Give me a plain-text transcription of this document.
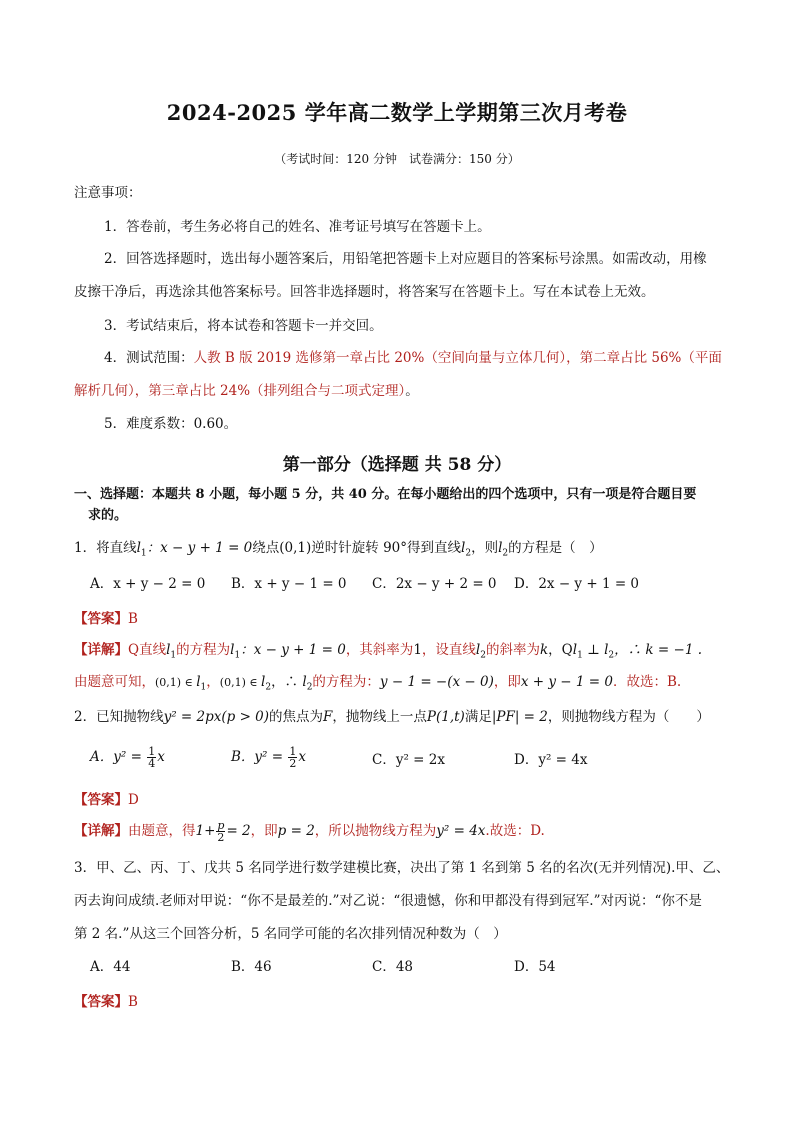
2024-2025 学年高二数学上学期第三次月考卷
（考试时间：120 分钟　试卷满分：150 分）
注意事项：
1．答卷前，考生务必将自己的姓名、准考证号填写在答题卡上。
2．回答选择题时，选出每小题答案后，用铅笔把答题卡上对应题目的答案标号涂黑。如需改动，用橡
皮擦干净后，再选涂其他答案标号。回答非选择题时，将答案写在答题卡上。写在本试卷上无效。
3．考试结束后，将本试卷和答题卡一并交回。
4．测试范围：人教 B 版 2019 选修第一章占比 20%（空间向量与立体几何），第二章占比 56%（平面
解析几何），第三章占比 24%（排列组合与二项式定理）。
5．难度系数：0.60。
第一部分（选择题 共 58 分）
一、选择题：本题共 8 小题，每小题 5 分，共 40 分。在每小题给出的四个选项中，只有一项是符合题目要
求的。
1．将直线$l_1$：x − y + 1 = 0绕点(0,1)逆时针旋转 90°得到直线$l_2$，则$l_2$的方程是（　）
A．x + y − 2 = 0 B．x + y − 1 = 0 C．2x − y + 2 = 0 D．2x − y + 1 = 0
【答案】B
【详解】Q直线$l_1$的方程为$l_1$：x − y + 1 = 0，其斜率为1，设直线$l_2$的斜率为k，$Ql_1$ ⊥ $l_2$，∴ k = −1 .
由题意可知，(0,1) ∈ $l_1$，(0,1) ∈ $l_2$，∴ $l_2$的方程为：y − 1 = −(x − 0)，即x + y − 1 = 0．故选：B.
2．已知抛物线y² = 2px(p > 0)的焦点为F，抛物线上一点P(1,t)满足|PF| = 2，则抛物线方程为（　　）
A．$y^2 = \frac{1}{4}$ x	B．$y^2 = \frac{1}{2}$ x	C．y² = 2x	D．y² = 4x
【答案】D
【详解】由题意，得$1+ \frac{p}{2} = 2$，即p = 2，所以抛物线方程为y² = 4x.故选：D.
3．甲、乙、丙、丁、戊共 5 名同学进行数学建模比赛，决出了第 1 名到第 5 名的名次(无并列情况).甲、乙、
丙去询问成绩.老师对甲说：“你不是最差的.”对乙说：“很遗憾，你和甲都没有得到冠军.”对丙说：“你不是
第 2 名.”从这三个回答分析，5 名同学可能的名次排列情况种数为（　）
A．44	B．46	C．48	D．54
【答案】B
